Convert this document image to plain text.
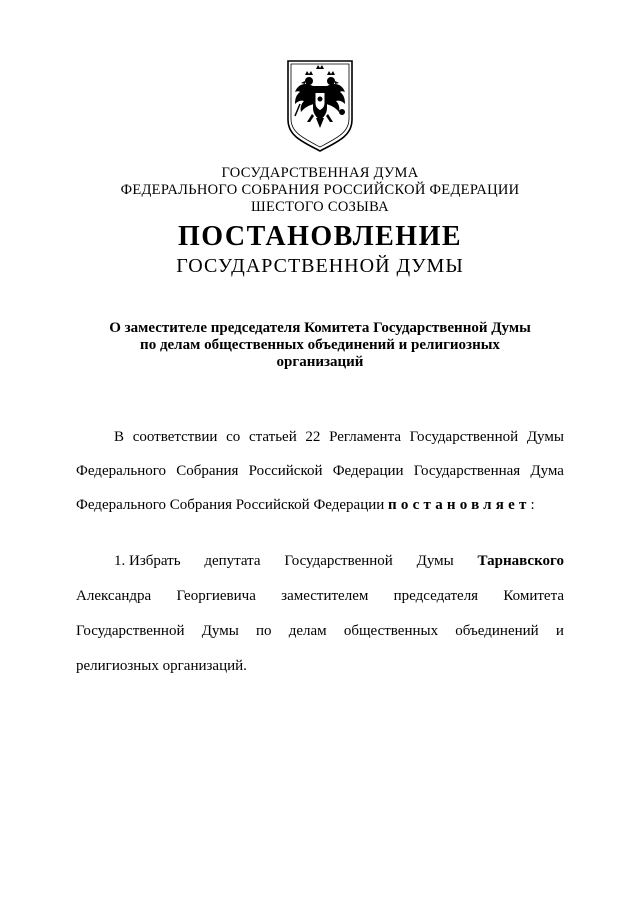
ГОСУДАРСТВЕННАЯ ДУМА
ФЕДЕРАЛЬНОГО СОБРАНИЯ РОССИЙСКОЙ ФЕДЕРАЦИИ
ШЕСТОГО СОЗЫВА
ПОСТАНОВЛЕНИЕ
ГОСУДАРСТВЕННОЙ ДУМЫ
О заместителе председателя Комитета Государственной Думы
по делам общественных объединений и религиозных
организаций
В соответствии со статьей 22 Регламента Государственной Думы
Федерального Собрания Российской Федерации Государственная Дума
Федерального Собрания Российской Федерации постановляет:
1. Избрать депутата Государственной Думы Тарнавского
Александра Георгиевича заместителем председателя Комитета
Государственной Думы по делам общественных объединений и
религиозных организаций.
